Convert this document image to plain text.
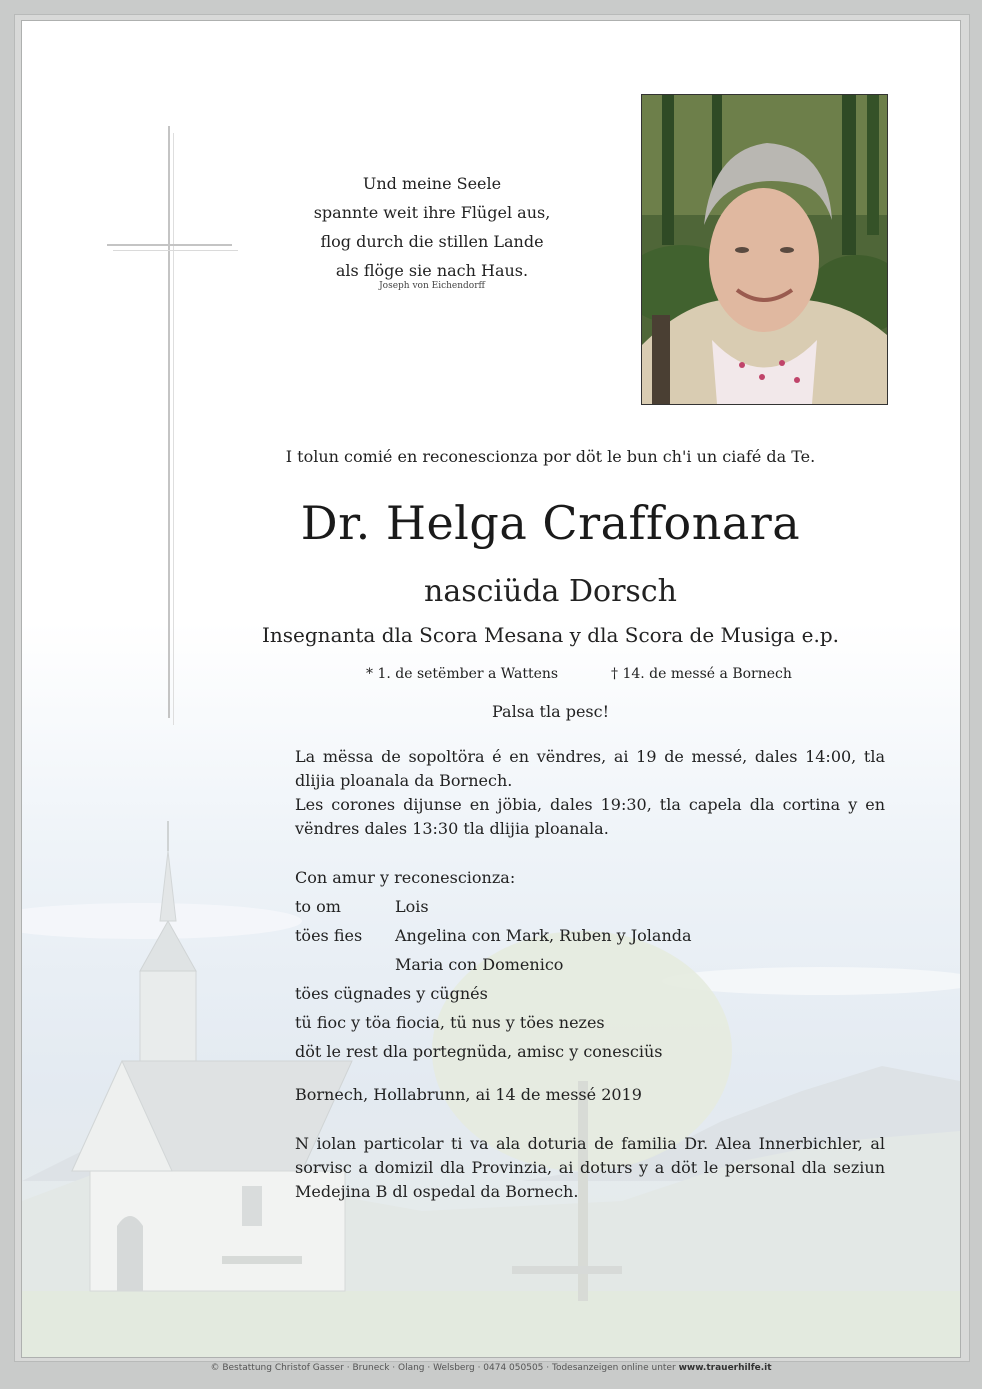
Und meine Seele
spannte weit ihre Flügel aus,
flog durch die stillen Lande
als flöge sie nach Haus.
Joseph von Eichendorff
I tolun comié en reconescionza por döt le bun ch'i un ciafé da Te.
Dr. Helga Craffonara
nasciüda Dorsch
Insegnanta dla Scora Mesana y dla Scora de Musiga e.p.
* 1. de setëmber a Wattens	† 14. de messé a Bornech
Palsa tla pesc!
La mëssa de sopoltöra é en vëndres, ai 19 de messé, dales 14:00, tla dlijia ploanala da Bornech.
Les corones dijunse en jöbia, dales 19:30, tla capela dla cortina y en vëndres dales 13:30 tla dlijia ploanala.
Con amur y reconescionza:
to om	Lois
töes fies Angelina con Mark, Ruben y Jolanda
Maria con Domenico
töes cügnades y cügnés
tü fioc y töa fiocia, tü nus y töes nezes
döt le rest dla portegnüda, amisc y conesciüs
Bornech, Hollabrunn, ai 14 de messé 2019
N iolan particolar ti va ala doturia de familia Dr. Alea Innerbichler, al sorvisc a domizil dla Provinzia, ai doturs y a döt le personal dla seziun Medejina B dl ospedal da Bornech.
© Bestattung Christof Gasser · Bruneck · Olang · Welsberg · 0474 050505 · Todesanzeigen online unter www.trauerhilfe.it
